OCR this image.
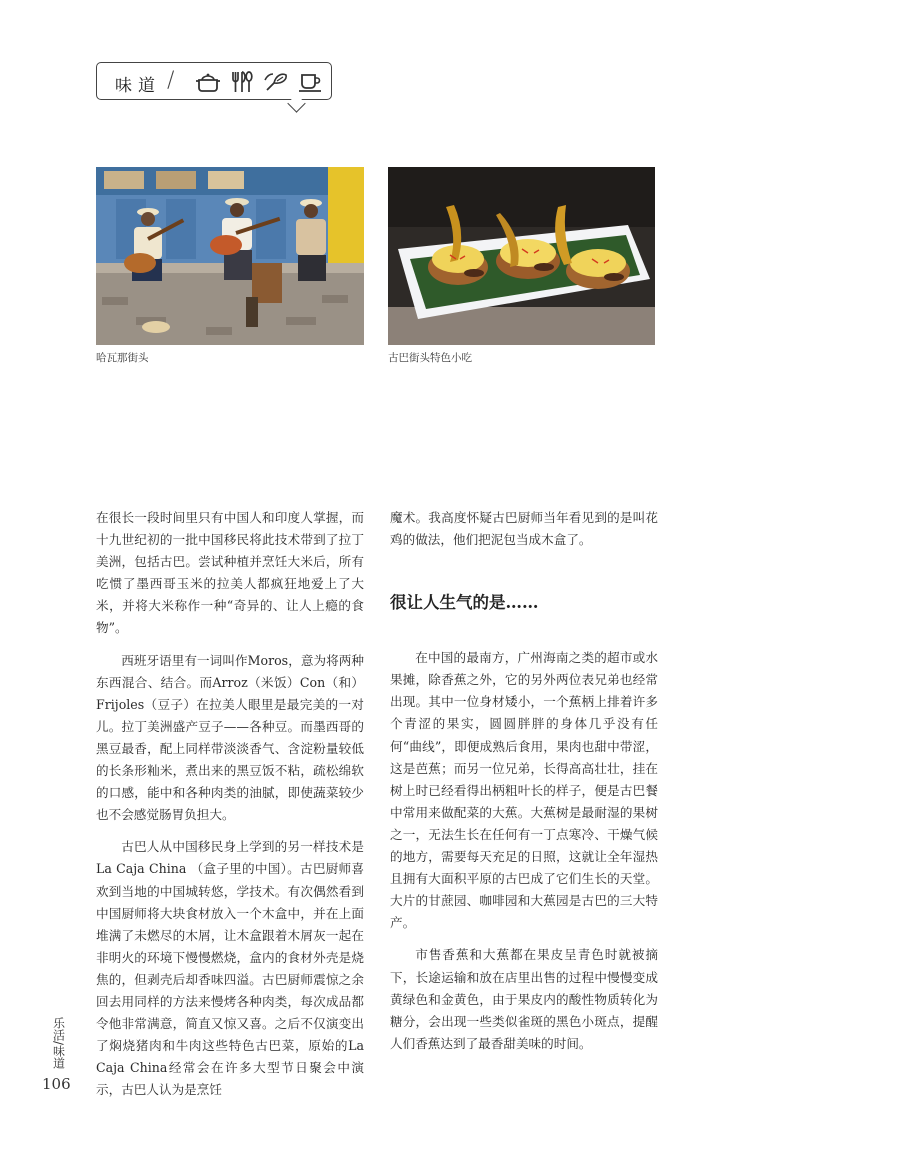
味道 /
哈瓦那街头	古巴街头特色小吃

在很长一段时间里只有中国人和印度人掌握，而十九世纪初的一批中国移民将此技术带到了拉丁美洲，包括古巴。尝试种植并烹饪大米后，所有吃惯了墨西哥玉米的拉美人都疯狂地爱上了大米，并将大米称作一种“奇异的、让人上瘾的食物”。

西班牙语里有一词叫作Moros，意为将两种东西混合、结合。而Arroz（米饭）Con（和）Frijoles（豆子）在拉美人眼里是最完美的一对儿。拉丁美洲盛产豆子——各种豆。而墨西哥的黑豆最香，配上同样带淡淡香气、含淀粉量较低的长条形籼米，煮出来的黑豆饭不粘，疏松绵软的口感，能中和各种肉类的油腻，即使蔬菜较少也不会感觉肠胃负担大。

古巴人从中国移民身上学到的另一样技术是La Caja China （盒子里的中国）。古巴厨师喜欢到当地的中国城转悠，学技术。有次偶然看到中国厨师将大块食材放入一个木盒中，并在上面堆满了未燃尽的木屑，让木盒跟着木屑灰一起在非明火的环境下慢慢燃烧，盒内的食材外壳是烧焦的，但剥壳后却香味四溢。古巴厨师震惊之余回去用同样的方法来慢烤各种肉类，每次成品都令他非常满意，简直又惊又喜。之后不仅演变出了焖烧猪肉和牛肉这些特色古巴菜，原始的La Caja China经常会在许多大型节日聚会中演示，古巴人认为是烹饪

魔术。我高度怀疑古巴厨师当年看见到的是叫花鸡的做法，他们把泥包当成木盒了。

很让人生气的是……

在中国的最南方，广州海南之类的超市或水果摊，除香蕉之外，它的另外两位表兄弟也经常出现。其中一位身材矮小，一个蕉柄上排着许多个青涩的果实，圆圆胖胖的身体几乎没有任何“曲线”，即便成熟后食用，果肉也甜中带涩，这是芭蕉；而另一位兄弟，长得高高壮壮，挂在树上时已经看得出柄粗叶长的样子，便是古巴餐中常用来做配菜的大蕉。大蕉树是最耐湿的果树之一，无法生长在任何有一丁点寒冷、干燥气候的地方，需要每天充足的日照，这就让全年湿热且拥有大面积平原的古巴成了它们生长的天堂。大片的甘蔗园、咖啡园和大蕉园是古巴的三大特产。

市售香蕉和大蕉都在果皮呈青色时就被摘下，长途运输和放在店里出售的过程中慢慢变成黄绿色和金黄色，由于果皮内的酸性物质转化为糖分，会出现一些类似雀斑的黑色小斑点，提醒人们香蕉达到了最香甜美味的时间。

乐活
/
味道
106
